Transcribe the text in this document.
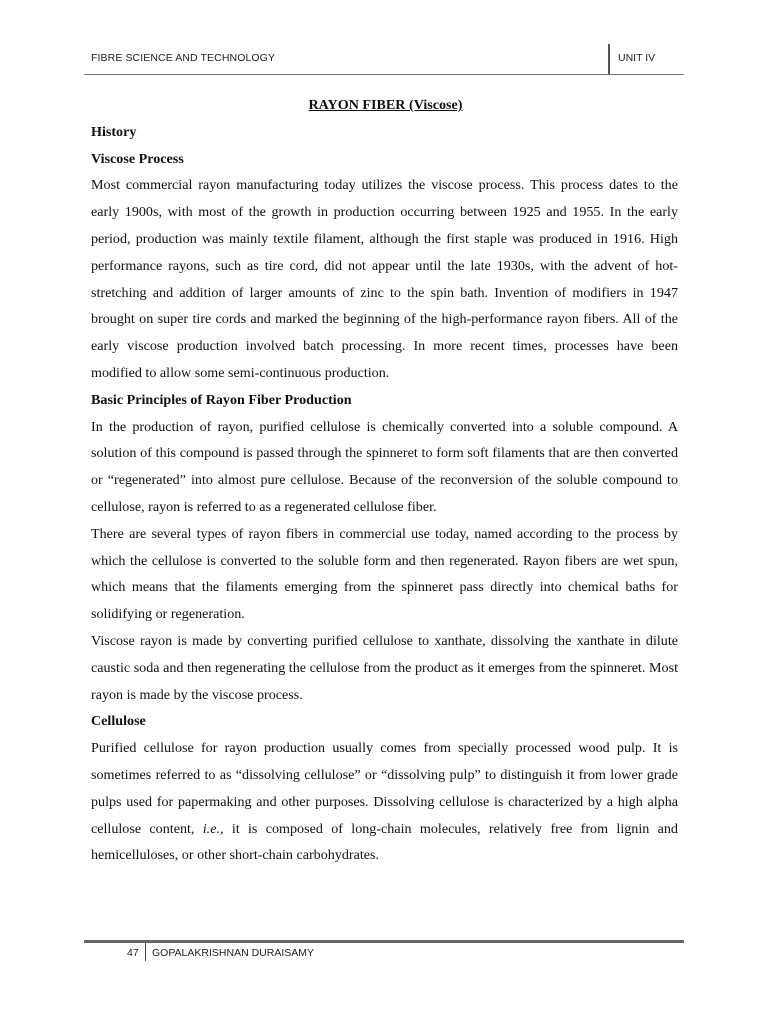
FIBRE SCIENCE AND TECHNOLOGY	UNIT IV

RAYON FIBER (Viscose)

History

Viscose Process

Most commercial rayon manufacturing today utilizes the viscose process. This process dates to the early 1900s, with most of the growth in production occurring between 1925 and 1955. In the early period, production was mainly textile filament, although the first staple was produced in 1916. High performance rayons, such as tire cord, did not appear until the late 1930s, with the advent of hot-stretching and addition of larger amounts of zinc to the spin bath. Invention of modifiers in 1947 brought on super tire cords and marked the beginning of the high-performance rayon fibers. All of the early viscose production involved batch processing. In more recent times, processes have been modified to allow some semi-continuous production.

Basic Principles of Rayon Fiber Production

In the production of rayon, purified cellulose is chemically converted into a soluble compound. A solution of this compound is passed through the spinneret to form soft filaments that are then converted or “regenerated” into almost pure cellulose. Because of the reconversion of the soluble compound to cellulose, rayon is referred to as a regenerated cellulose fiber.

There are several types of rayon fibers in commercial use today, named according to the process by which the cellulose is converted to the soluble form and then regenerated. Rayon fibers are wet spun, which means that the filaments emerging from the spinneret pass directly into chemical baths for solidifying or regeneration.

Viscose rayon is made by converting purified cellulose to xanthate, dissolving the xanthate in dilute caustic soda and then regenerating the cellulose from the product as it emerges from the spinneret. Most rayon is made by the viscose process.

Cellulose

Purified cellulose for rayon production usually comes from specially processed wood pulp. It is sometimes referred to as “dissolving cellulose” or “dissolving pulp” to distinguish it from lower grade pulps used for papermaking and other purposes. Dissolving cellulose is characterized by a high alpha cellulose content, i.e., it is composed of long-chain molecules, relatively free from lignin and hemicelluloses, or other short-chain carbohydrates.

47 GOPALAKRISHNAN DURAISAMY
